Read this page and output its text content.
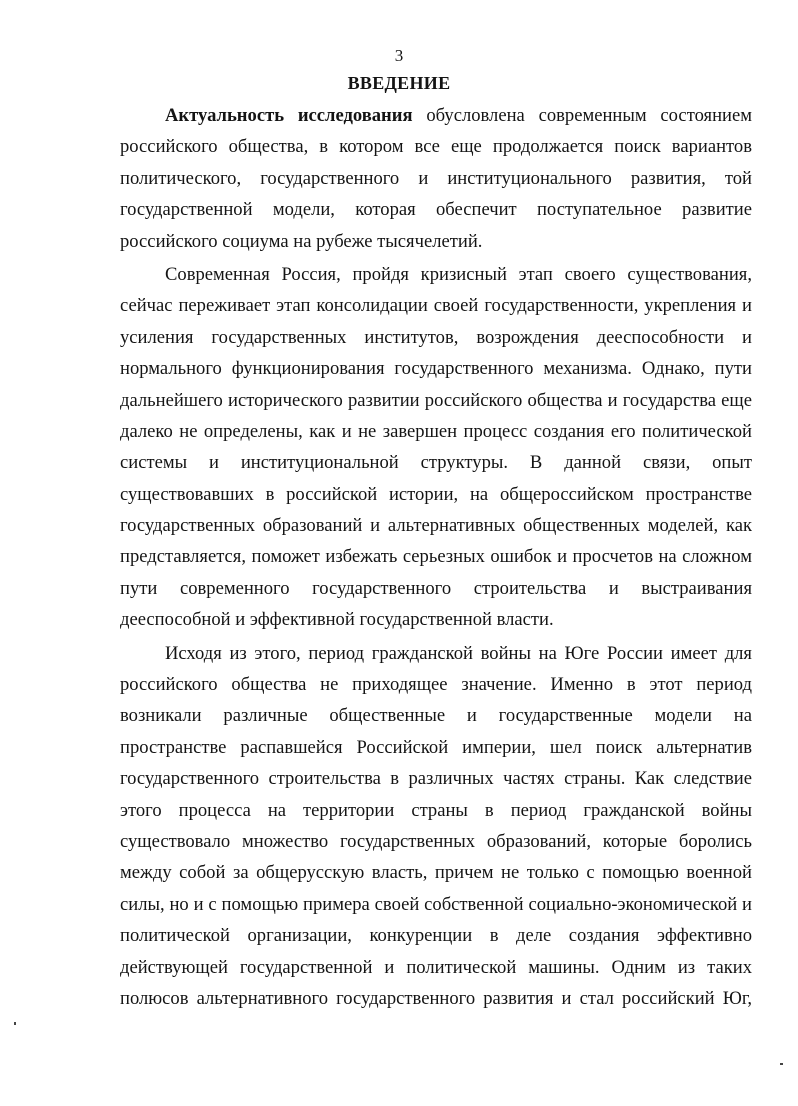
3
ВВЕДЕНИЕ
Актуальность исследования обусловлена современным состоянием
российского общества, в котором все еще продолжается поиск вариантов
политического, государственного и институционального развития, той
государственной модели, которая обеспечит поступательное развитие
российского социума на рубеже тысячелетий.
Современная Россия, пройдя кризисный этап своего существования,
сейчас переживает этап консолидации своей государственности, укрепления и
усиления государственных институтов, возрождения дееспособности и
нормального функционирования государственного механизма. Однако, пути
дальнейшего исторического развитии российского общества и государства еще
далеко не определены, как и не завершен процесс создания его политической
системы и институциональной структуры. В данной связи, опыт
существовавших в российской истории, на общероссийском пространстве
государственных образований и альтернативных общественных моделей, как
представляется, поможет избежать серьезных ошибок и просчетов на сложном
пути современного государственного строительства и выстраивания
дееспособной и эффективной государственной власти.
Исходя из этого, период гражданской войны на Юге России имеет для
российского общества не приходящее значение. Именно в этот период
возникали различные общественные и государственные модели на
пространстве распавшейся Российской империи, шел поиск альтернатив
государственного строительства в различных частях страны. Как следствие
этого процесса на территории страны в период гражданской войны
существовало множество государственных образований, которые боролись
между собой за общерусскую власть, причем не только с помощью военной
силы, но и с помощью примера своей собственной социально-экономической и
политической организации, конкуренции в деле создания эффективно
действующей государственной и политической машины. Одним из таких
полюсов альтернативного государственного развития и стал российский Юг,
